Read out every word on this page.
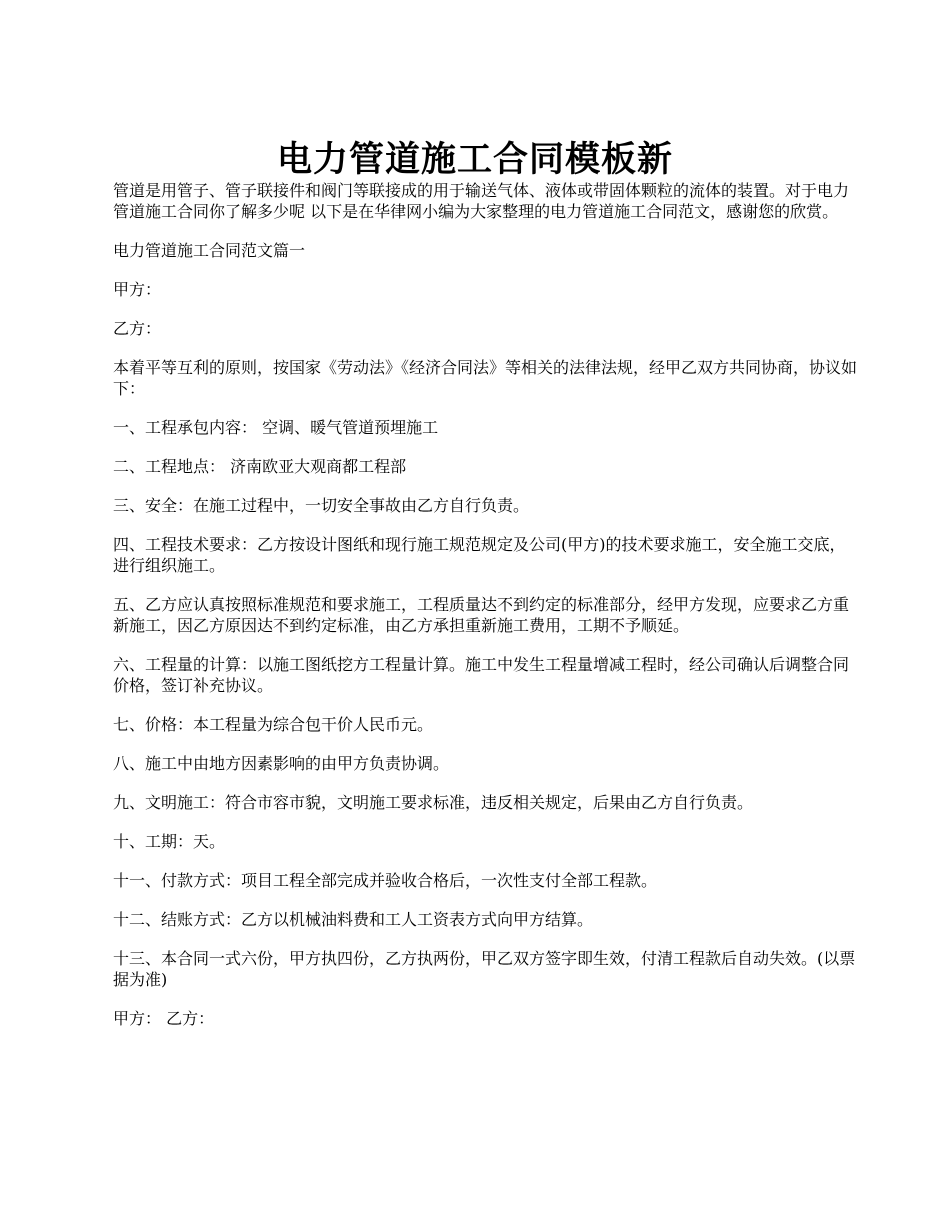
电力管道施工合同模板新

管道是用管子、管子联接件和阀门等联接成的用于输送气体、液体或带固体颗粒的流体的装置。对于电力管道施工合同你了解多少呢 以下是在华律网小编为大家整理的电力管道施工合同范文，感谢您的欣赏。

电力管道施工合同范文篇一

甲方：

乙方：

本着平等互利的原则，按国家《劳动法》《经济合同法》等相关的法律法规，经甲乙双方共同协商，协议如下：

一、工程承包内容： 空调、暖气管道预埋施工

二、工程地点： 济南欧亚大观商都工程部

三、安全：在施工过程中，一切安全事故由乙方自行负责。

四、工程技术要求：乙方按设计图纸和现行施工规范规定及公司(甲方)的技术要求施工，安全施工交底，进行组织施工。

五、乙方应认真按照标准规范和要求施工，工程质量达不到约定的标准部分，经甲方发现，应要求乙方重新施工，因乙方原因达不到约定标准，由乙方承担重新施工费用，工期不予顺延。

六、工程量的计算：以施工图纸挖方工程量计算。施工中发生工程量增减工程时，经公司确认后调整合同价格，签订补充协议。

七、价格：本工程量为综合包干价人民币元。

八、施工中由地方因素影响的由甲方负责协调。

九、文明施工：符合市容市貌，文明施工要求标准，违反相关规定，后果由乙方自行负责。

十、工期：天。

十一、付款方式：项目工程全部完成并验收合格后，一次性支付全部工程款。

十二、结账方式：乙方以机械油料费和工人工资表方式向甲方结算。

十三、本合同一式六份，甲方执四份，乙方执两份，甲乙双方签字即生效，付清工程款后自动失效。(以票据为准)

甲方： 乙方：
